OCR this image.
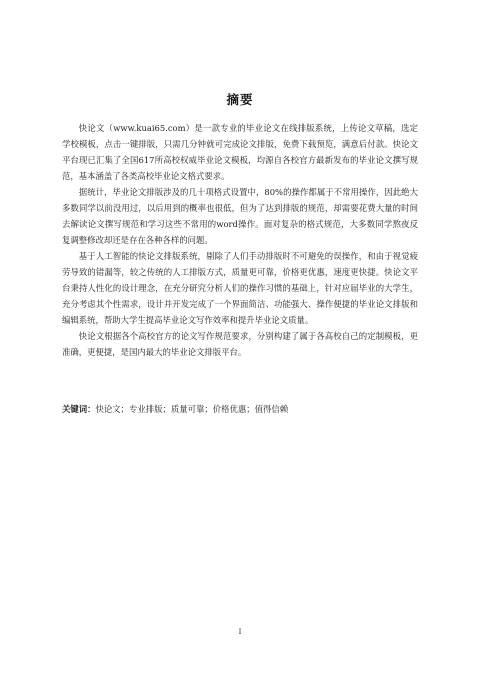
摘要

快论文（www.kuai65.com）是一款专业的毕业论文在线排版系统，上传论文草稿，选定学校模板，点击一键排版，只需几分钟就可完成论文排版，免费下载预览，满意后付款。快论文平台现已汇集了全国617所高校权威毕业论文模板，均源自各校官方最新发布的毕业论文撰写规范，基本涵盖了各类高校毕业论文格式要求。

据统计，毕业论文排版涉及的几十项格式设置中，80%的操作都属于不常用操作，因此绝大多数同学以前没用过，以后用到的概率也很低，但为了达到排版的规范，却需要花费大量的时间去解读论文撰写规范和学习这些不常用的word操作。面对复杂的格式规范，大多数同学熬夜反复调整修改却还是存在各种各样的问题。

基于人工智能的快论文排版系统，剔除了人们手动排版时不可避免的误操作，和由于视觉疲劳导致的错漏等，较之传统的人工排版方式，质量更可靠，价格更优惠，速度更快捷。快论文平台秉持人性化的设计理念，在充分研究分析人们的操作习惯的基础上，针对应届毕业的大学生，充分考虑其个性需求，设计并开发完成了一个界面简洁、功能强大、操作便捷的毕业论文排版和编辑系统，帮助大学生提高毕业论文写作效率和提升毕业论文质量。

快论文根据各个高校官方的论文写作规范要求，分别构建了属于各高校自己的定制模板，更准确，更便捷，是国内最大的毕业论文排版平台。

关键词：快论文；专业排版；质量可靠；价格优惠；值得信赖
I
